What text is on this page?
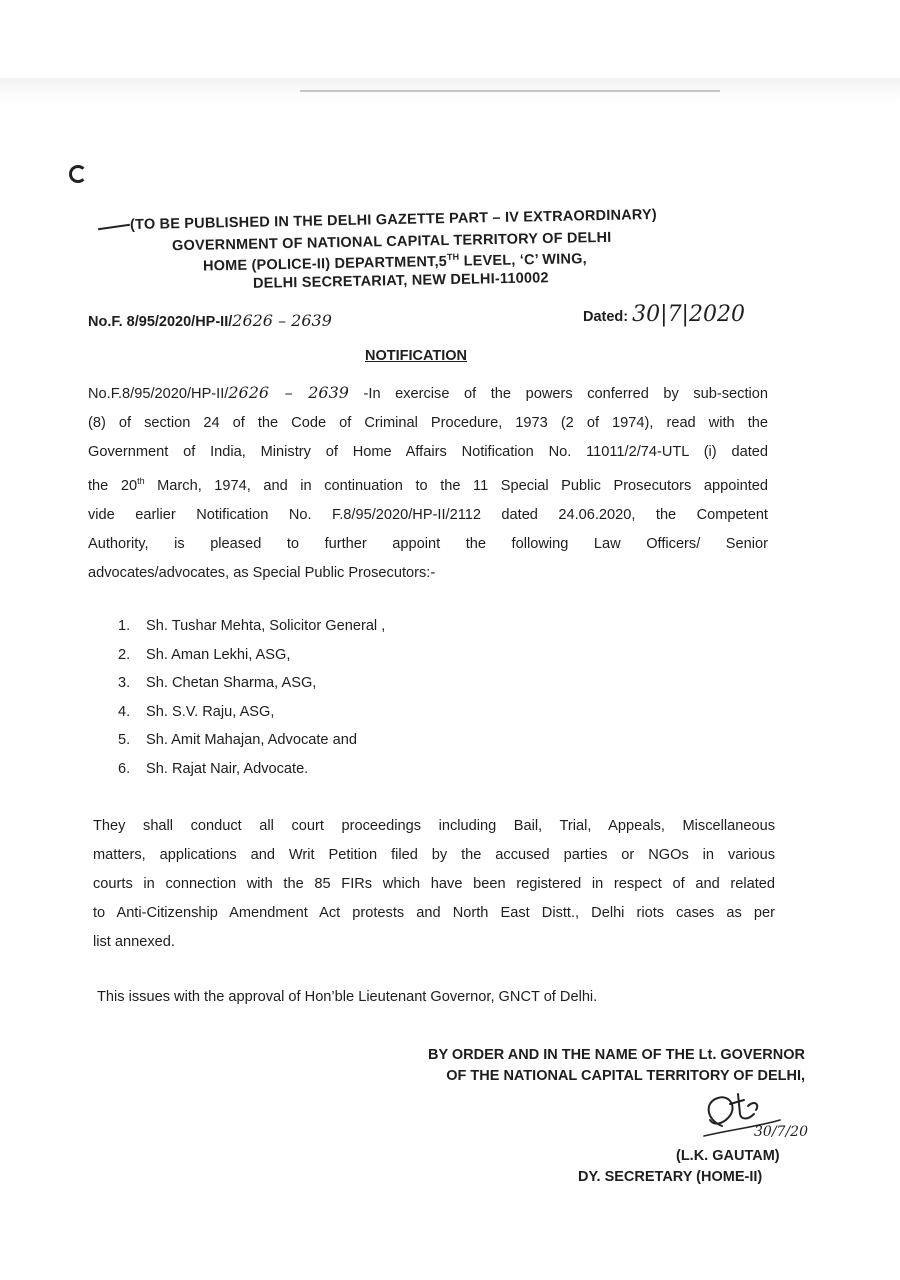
(TO BE PUBLISHED IN THE DELHI GAZETTE PART – IV EXTRAORDINARY)
GOVERNMENT OF NATIONAL CAPITAL TERRITORY OF DELHI
HOME (POLICE-II) DEPARTMENT,5TH LEVEL, ‘C’ WING,
DELHI SECRETARIAT, NEW DELHI-110002
No.F. 8/95/2020/HP-II/2626 – 2639	Dated: 30|7|2020
NOTIFICATION
No.F.8/95/2020/HP-II/2626 – 2639 -In exercise of the powers conferred by sub-section
(8) of section 24 of the Code of Criminal Procedure, 1973 (2 of 1974), read with the
Government of India, Ministry of Home Affairs Notification No. 11011/2/74-UTL (i) dated
the 20th March, 1974, and in continuation to the 11 Special Public Prosecutors appointed
vide earlier Notification No. F.8/95/2020/HP-II/2112 dated 24.06.2020, the Competent
Authority, is pleased to further appoint the following Law Officers/ Senior
advocates/advocates, as Special Public Prosecutors:-
1. Sh. Tushar Mehta, Solicitor General ,
2. Sh. Aman Lekhi, ASG,
3. Sh. Chetan Sharma, ASG,
4. Sh. S.V. Raju, ASG,
5. Sh. Amit Mahajan, Advocate and
6. Sh. Rajat Nair, Advocate.
They shall conduct all court proceedings including Bail, Trial, Appeals, Miscellaneous
matters, applications and Writ Petition filed by the accused parties or NGOs in various
courts in connection with the 85 FIRs which have been registered in respect of and related
to Anti-Citizenship Amendment Act protests and North East Distt., Delhi riots cases as per
list annexed.
This issues with the approval of Hon’ble Lieutenant Governor, GNCT of Delhi.
BY ORDER AND IN THE NAME OF THE Lt. GOVERNOR
OF THE NATIONAL CAPITAL TERRITORY OF DELHI,
30/7/20
(L.K. GAUTAM)
DY. SECRETARY (HOME-II)
